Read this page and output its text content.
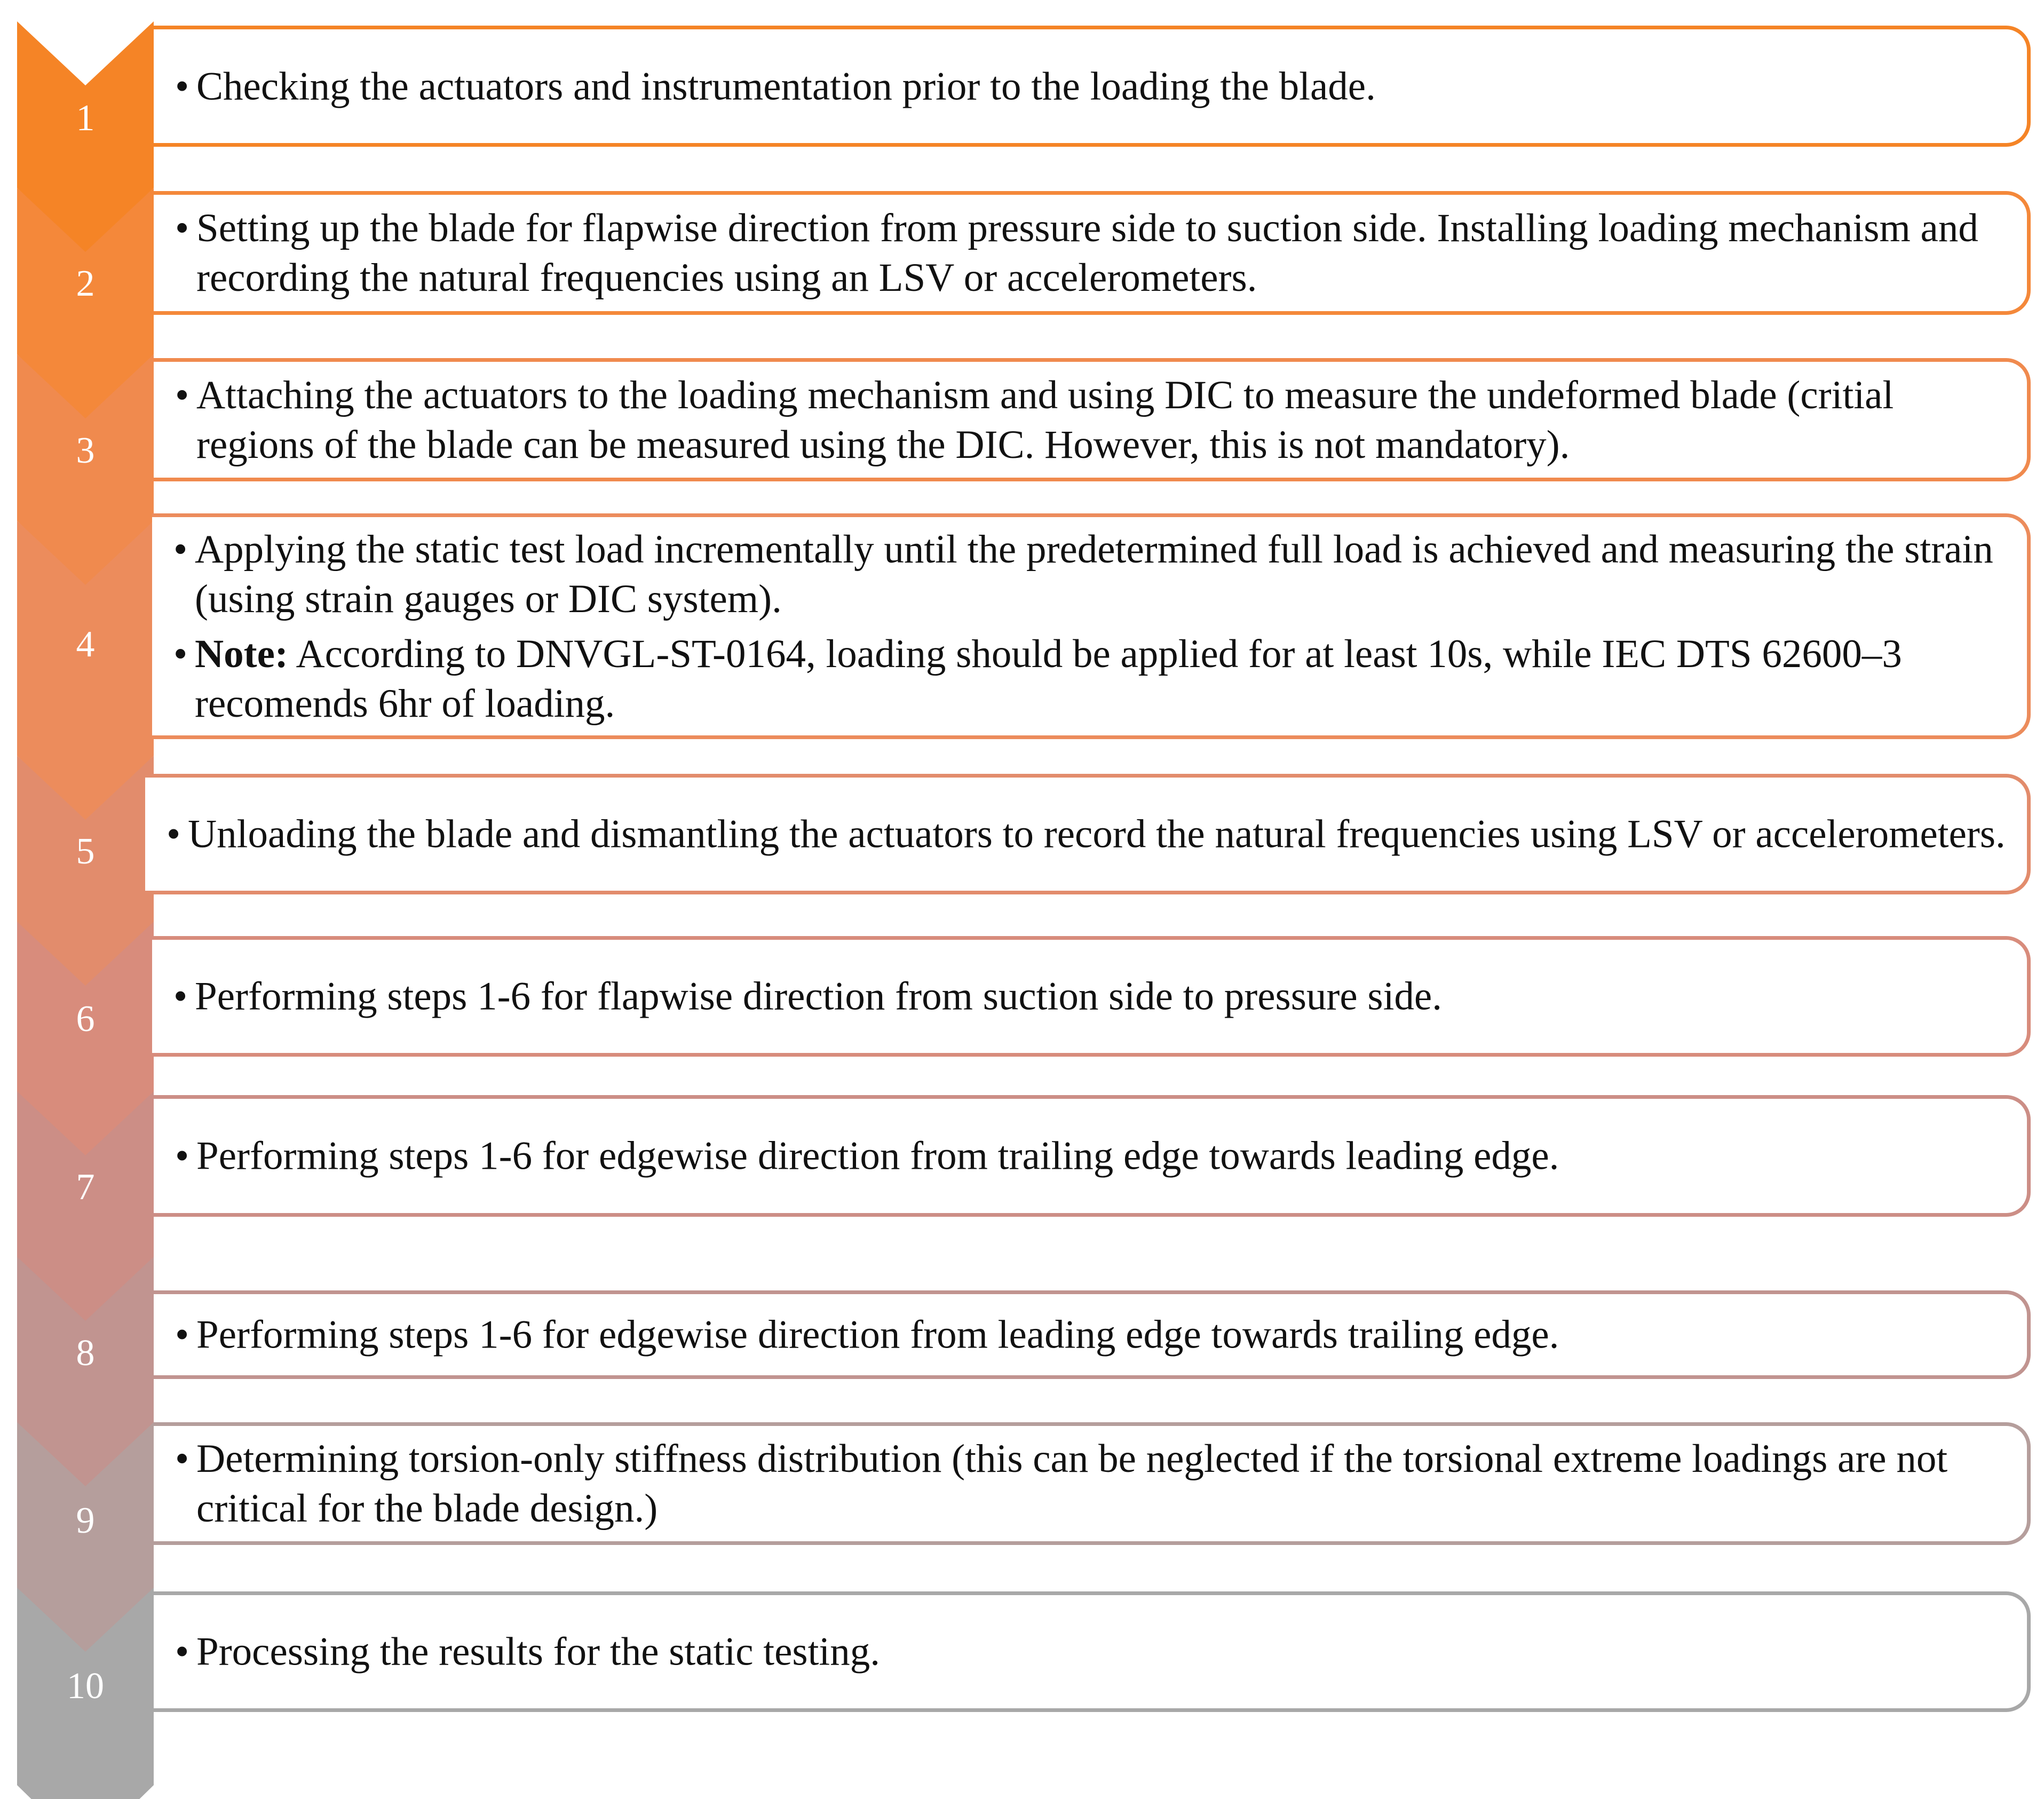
1
• Checking the actuators and instrumentation prior to the loading the blade.
2
• Setting up the blade for flapwise direction from pressure side to suction side. Installing loading mechanism and recording the natural frequencies using an LSV or accelerometers.
3
• Attaching the actuators to the loading mechanism and using DIC to measure the undeformed blade (critial regions of the blade can be measured using the DIC. However, this is not mandatory).
4
• Applying the static test load incrementally until the predetermined full load is achieved and measuring the strain (using strain gauges or DIC system).
• Note: According to DNVGL-ST-0164, loading should be applied for at least 10s, while IEC DTS 62600–3 recomends 6hr of loading.
5	• Unloading the blade and dismantling the actuators to record the natural frequencies using LSV or accelerometers.
6
• Performing steps 1-6 for flapwise direction from suction side to pressure side.
7
• Performing steps 1-6 for edgewise direction from trailing edge towards leading edge.
8	• Performing steps 1-6 for edgewise direction from leading edge towards trailing edge.
9
• Determining torsion-only stiffness distribution (this can be neglected if the torsional extreme loadings are not critical for the blade design.)
10
• Processing the results for the static testing.
